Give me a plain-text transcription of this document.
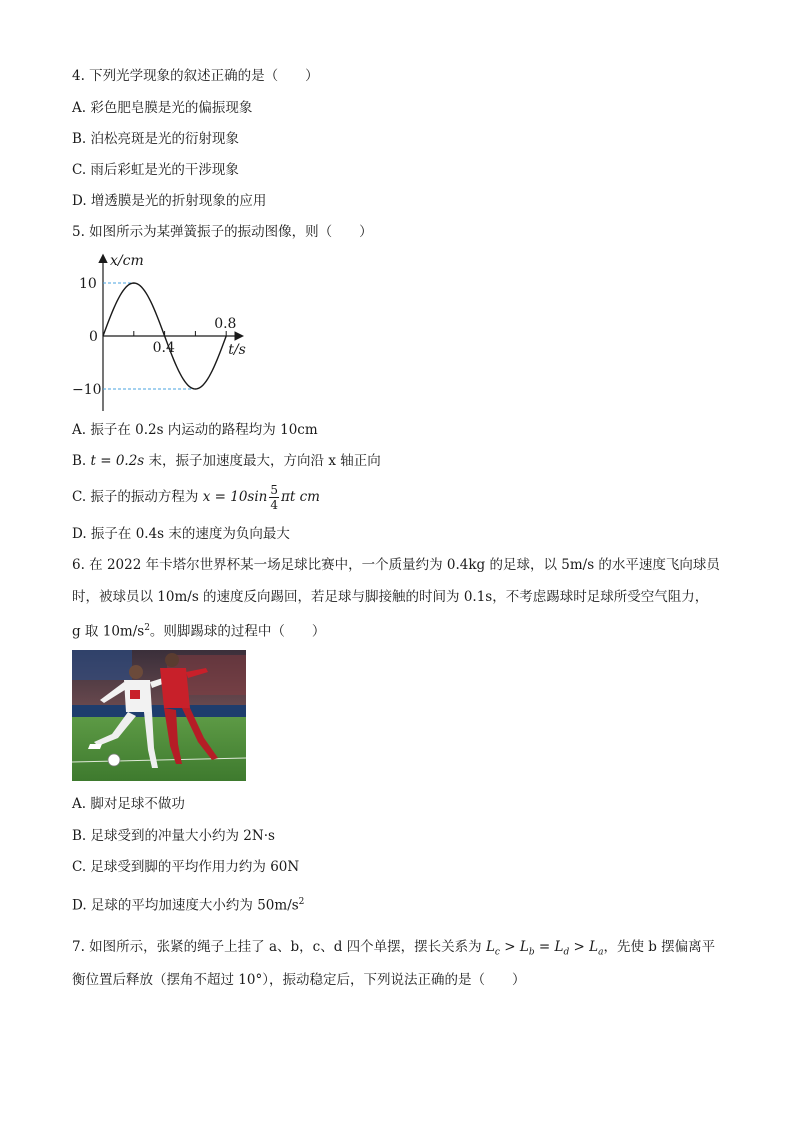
4. 下列光学现象的叙述正确的是（　　）
A. 彩色肥皂膜是光的偏振现象
B. 泊松亮斑是光的衍射现象
C. 雨后彩虹是光的干涉现象
D. 增透膜是光的折射现象的应用
5. 如图所示为某弹簧振子的振动图像，则（　　）
x/cm
t/s
10
0
−10
0.4
0.8
A. 振子在 0.2s 内运动的路程均为 10cm
B. t = 0.2s 末，振子加速度最大，方向沿 x 轴正向
C. 振子的振动方程为 $x = 10\sin \frac{5}{4}$ πt cm
D. 振子在 0.4s 末的速度为负向最大
6. 在 2022 年卡塔尔世界杯某一场足球比赛中，一个质量约为 0.4kg 的足球，以 5m/s 的水平速度飞向球员
时，被球员以 10m/s 的速度反向踢回，若足球与脚接触的时间为 0.1s，不考虑踢球时足球所受空气阻力，
g 取 $10m/s^2$。则脚踢球的过程中（　　）
A. 脚对足球不做功
B. 足球受到的冲量大小约为 2N·s
C. 足球受到脚的平均作用力约为 60N
D. 足球的平均加速度大小约为 $50m/s^2$
7. 如图所示，张紧的绳子上挂了 a、b，c、d 四个单摆，摆长关系为 $L_c > L_b = L_d > L_a$，先使 b 摆偏离平
衡位置后释放（摆角不超过 10°），振动稳定后，下列说法正确的是（　　）
